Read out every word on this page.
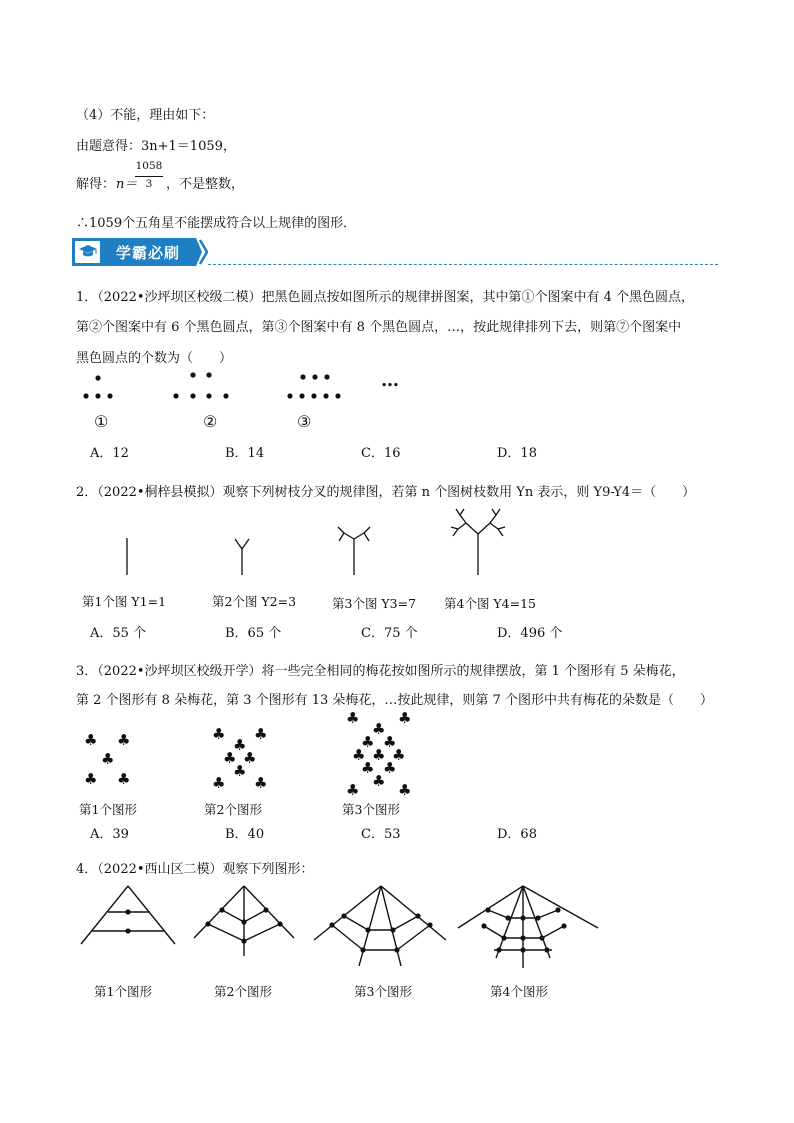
（4）不能，理由如下：
由题意得：3n+1＝1059，
解得： n＝
1058
3	，不是整数，
∴1059个五角星不能摆成符合以上规律的图形．
学霸必刷
1．（2022•沙坪坝区校级二模）把黑色圆点按如图所示的规律拼图案，其中第①个图案中有 4 个黑色圆点，
第②个图案中有 6 个黑色圆点，第③个图案中有 8 个黑色圆点，…，按此规律排列下去，则第⑦个图案中
黑色圆点的个数为（　　）
…
①	②	③
A．12	B．14	C．16	D．18
2．（2022•桐梓县模拟）观察下列树枝分叉的规律图，若第 n 个图树枝数用 Yn 表示，则 Y9-Y4＝（　　）
第1个图 Y1=1	第2个图 Y2=3	第3个图 Y3=7 第4个图 Y4=15
A．55 个	B．65 个	C．75 个	D．496 个
3．（2022•沙坪坝区校级开学）将一些完全相同的梅花按如图所示的规律摆放，第 1 个图形有 5 朵梅花，
第 2 个图形有 8 朵梅花，第 3 个图形有 13 朵梅花，…按此规律，则第 7 个图形中共有梅花的朵数是（　　）
♣ ♣
♣
♣ ♣
♣ ♣
♣
♣ ♣
♣
♣ ♣
♣	♣
♣
♣ ♣
♣ ♣ ♣
♣ ♣
♣
♣	♣
第1个图形	第2个图形	第3个图形
A．39	B．40	C．53	D．68
4．（2022•西山区二模）观察下列图形：
第1个图形	第2个图形	第3个图形	第4个图形
